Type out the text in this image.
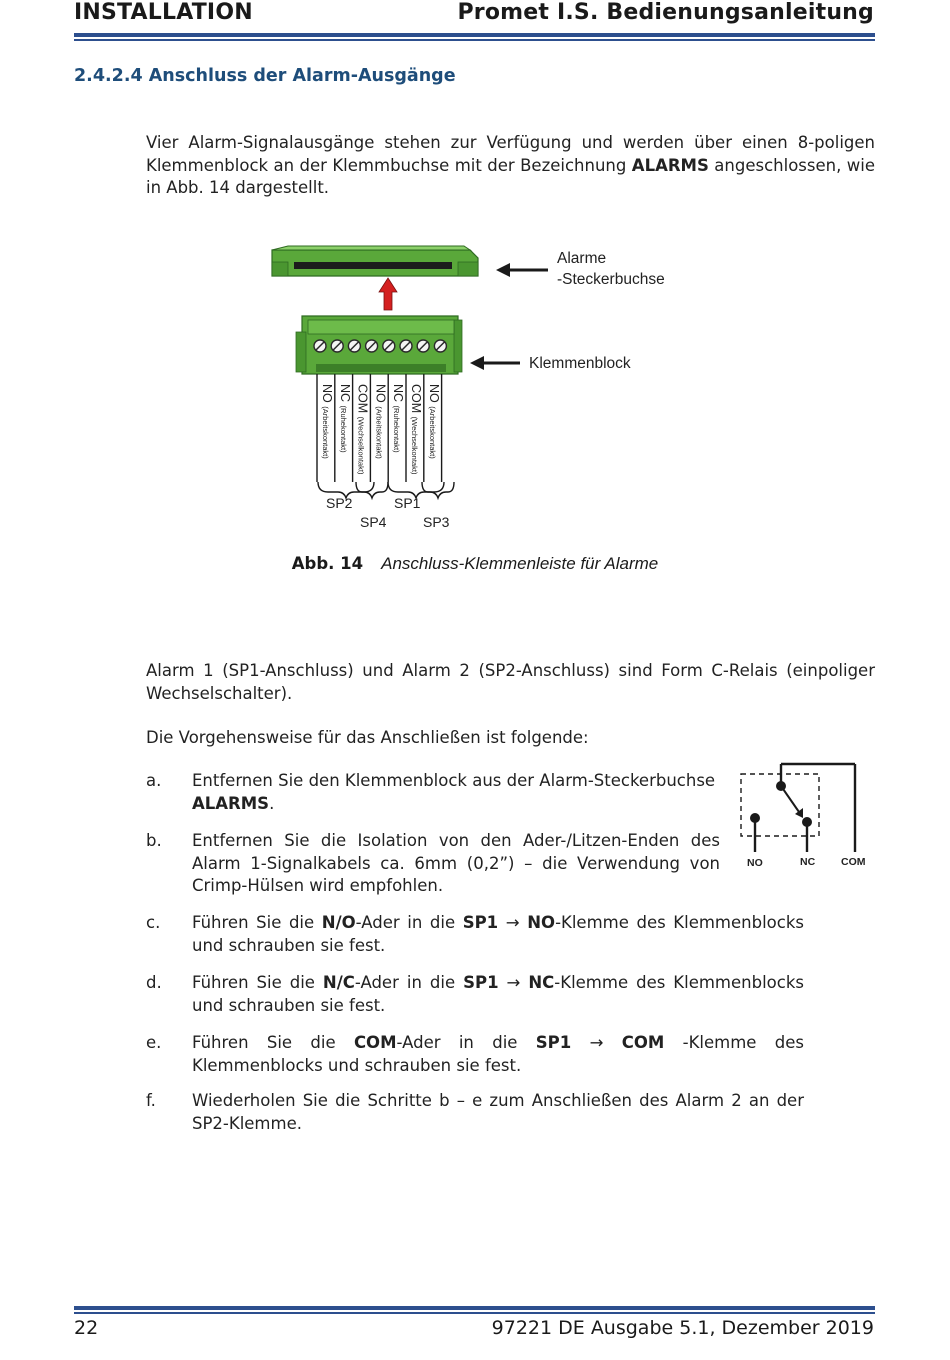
INSTALLATION	Promet I.S. Bedienungsanleitung
2.4.2.4 Anschluss der Alarm-Ausgänge
Vier Alarm-Signalausgänge stehen zur Verfügung und werden über einen 8-poligen Klemmenblock an der Klemmbuchse mit der Bezeichnung ALARMS angeschlossen, wie in Abb. 14 dargestellt.
NO (Arbeitskontakt)
NC (Ruhekontakt)
COM (Wechselkontakt)
NO (Arbeitskontakt)
NC (Ruhekontakt)
COM (Wechselkontakt)
NO (Arbeitskontakt)
SP2	SP1
SP4	SP3
Alarme
-Steckerbuchse
Klemmenblock
Abb. 14 Anschluss-Klemmenleiste für Alarme
Alarm 1 (SP1-Anschluss) und Alarm 2 (SP2-Anschluss) sind Form C-Relais (einpoliger Wechselschalter).
Die Vorgehensweise für das Anschließen ist folgende:
a.	Entfernen Sie den Klemmenblock aus der Alarm-Steckerbuchse
ALARMS.
b.	Entfernen Sie die Isolation von den Ader-/Litzen-Enden des Alarm 1-Signalkabels ca. 6mm (0,2”) – die Verwendung von Crimp-Hülsen wird empfohlen.
c.	Führen Sie die N/O-Ader in die SP1 → NO-Klemme des Klemmenblocks und schrauben sie fest.
d.	Führen Sie die N/C-Ader in die SP1 → NC-Klemme des Klemmenblocks und schrauben sie fest.
e.	Führen Sie die COM-Ader in die SP1 → COM -Klemme des Klemmenblocks und schrauben sie fest.
f.	Wiederholen Sie die Schritte b – e zum Anschließen des Alarm 2 an der SP2-Klemme.
NO	NC COM
22	97221 DE Ausgabe 5.1, Dezember 2019
